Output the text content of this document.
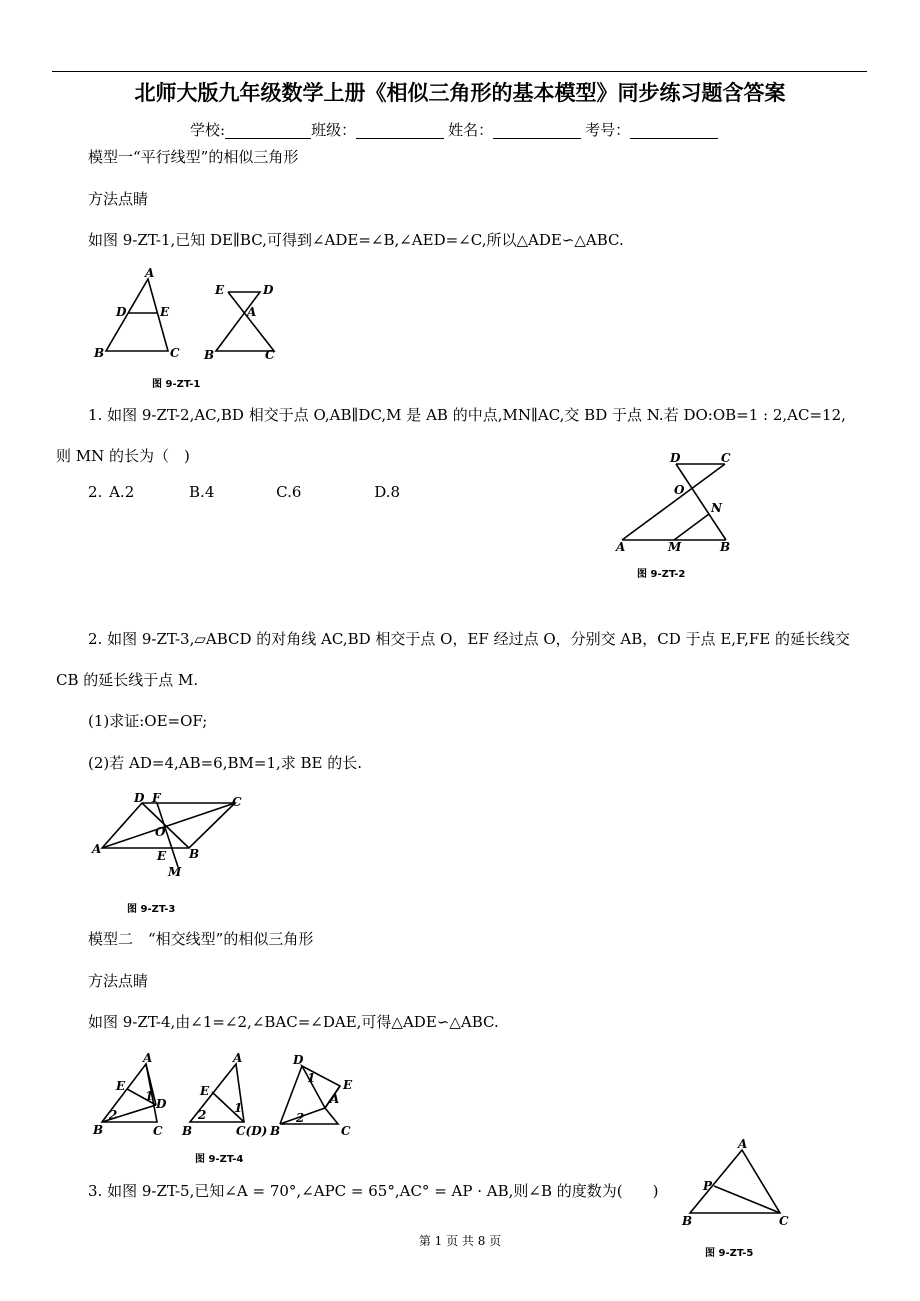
北师大版九年级数学上册《相似三角形的基本模型》同步练习题含答案
学校:	班级：	姓名：	考号：
模型一“平行线型”的相似三角形
方法点睛
如图 9-ZT-1,已知 DE∥BC,可得到∠ADE=∠B,∠AED=∠C,所以△ADE∽△ABC.
A
D	E
B	C
E	D
A
B	C
图 9-ZT-1
1. 如图 9-ZT-2,AC,BD 相交于点 O,AB∥DC,M 是 AB 的中点,MN∥AC,交 BD 于点 N.若 DO:OB=1 : 2,AC=12,
则 MN 的长为（　)
2. A.2	B.4	C.6	D.8
D	C
O
N
A	M	B
图 9-ZT-2
2. 如图 9-ZT-3,▱ABCD 的对角线 AC,BD 相交于点 O，EF 经过点 O，分别交 AB，CD 于点 E,F,FE 的延长线交
CB 的延长线于点 M.
(1)求证:OE=OF;
(2)若 AD=4,AB=6,BM=1,求 BE 的长.
D F	C
O
A	E B
M
图 9-ZT-3
模型二　“相交线型”的相似三角形
方法点睛
如图 9-ZT-4,由∠1=∠2,∠BAC=∠DAE,可得△ADE∽△ABC.
A
E
1
D
2
B	C
A
E
2 1
B	C(D)
D
1 E
A
2
B	C
图 9-ZT-4
3. 如图 9-ZT-5,已知∠A = 70°,∠APC = 65°,AC° = AP · AB,则∠B 的度数为(　　)
A
P
B	C
图 9-ZT-5
第 1 页 共 8 页
